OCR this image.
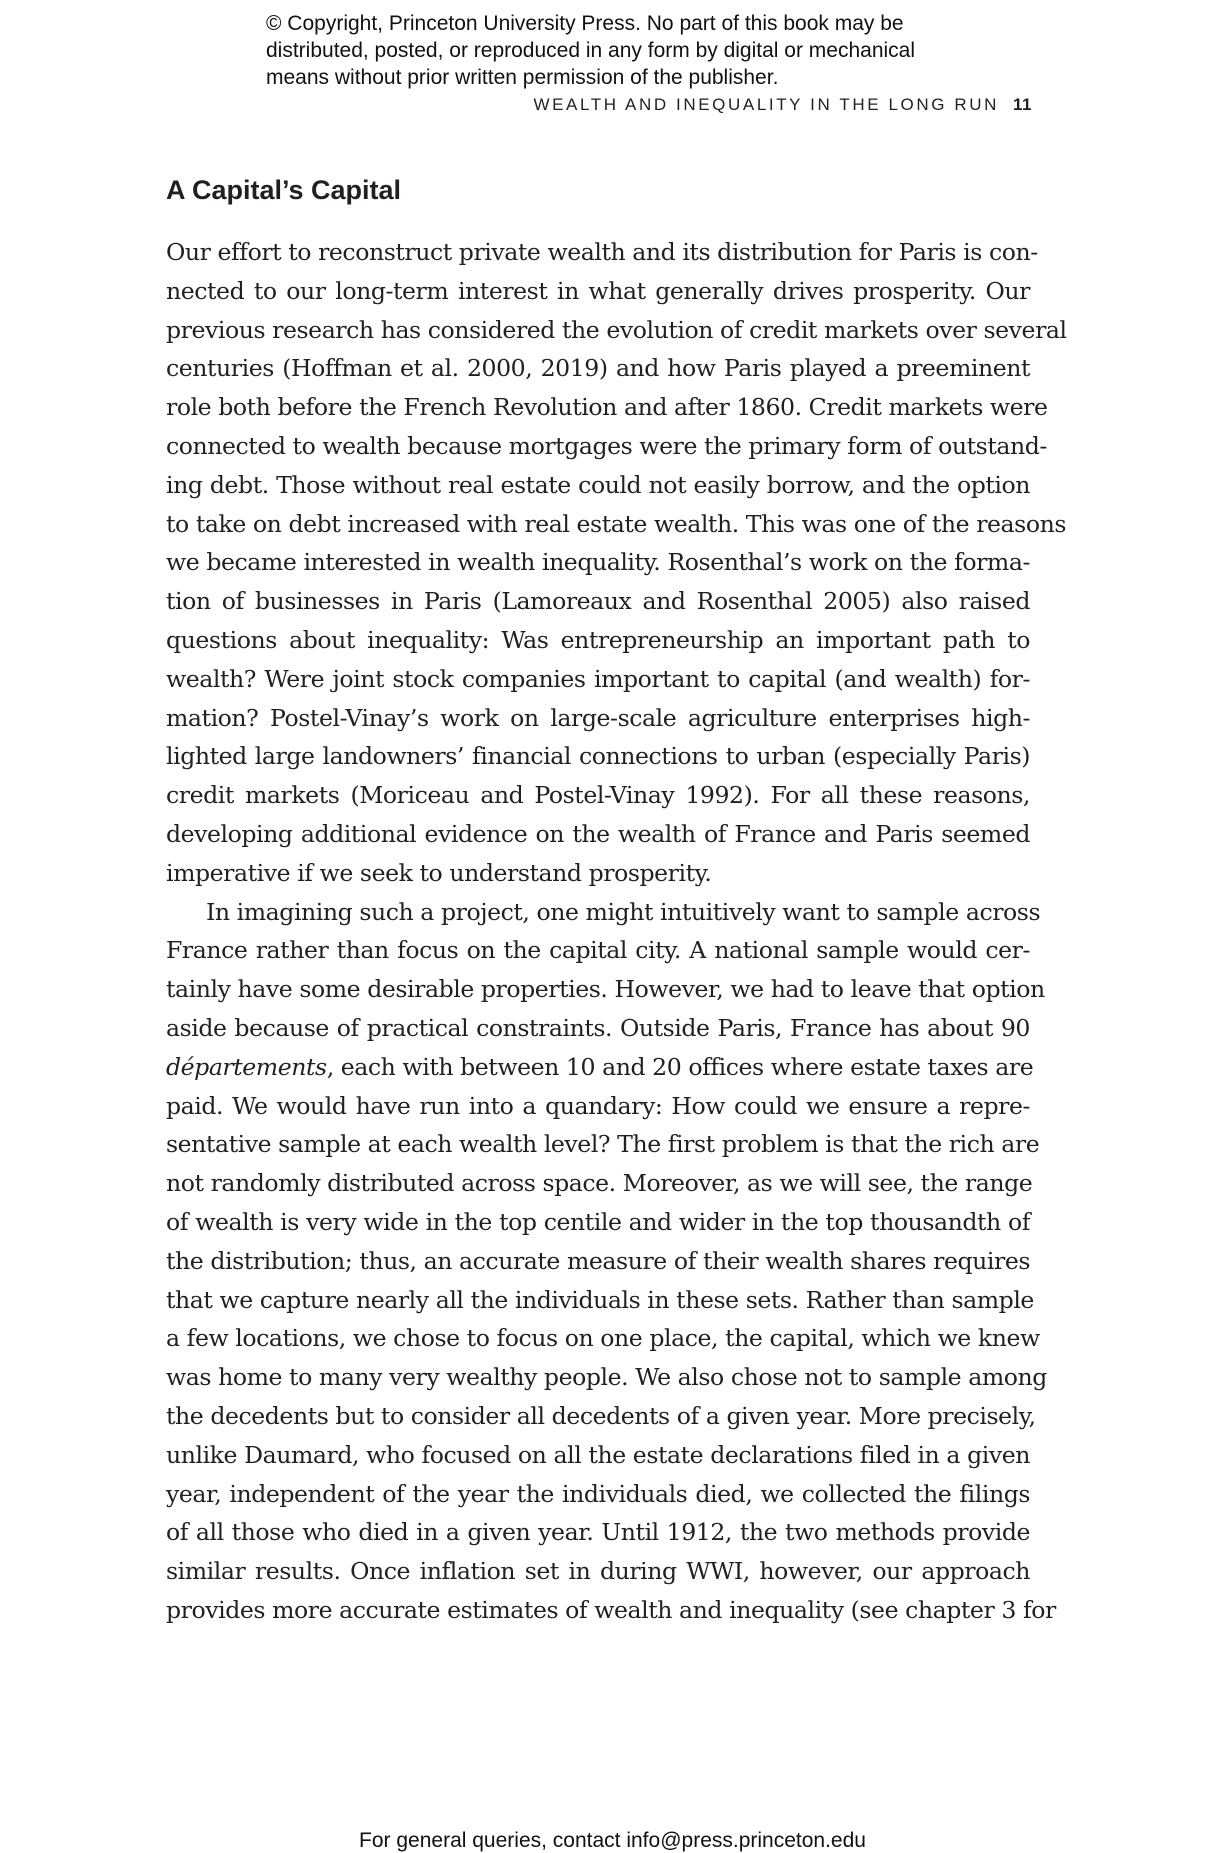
© Copyright, Princeton University Press. No part of this book may be
distributed, posted, or reproduced in any form by digital or mechanical
means without prior written permission of the publisher.
WEALTH AND INEQUALITY IN THE LONG RUN 11
A Capital’s Capital
Our effort to reconstruct private wealth and its distribution for Paris is con-
nected to our long-term interest in what generally drives prosperity. Our
previous research has considered the evolution of credit markets over several
centuries (Hoffman et al. 2000, 2019) and how Paris played a preeminent
role both before the French Revolution and after 1860. Credit markets were
connected to wealth because mortgages were the primary form of outstand-
ing debt. Those without real estate could not easily borrow, and the option
to take on debt increased with real estate wealth. This was one of the reasons
we became interested in wealth inequality. Rosenthal’s work on the forma-
tion of businesses in Paris (Lamoreaux and Rosenthal 2005) also raised
questions about inequality: Was entrepreneurship an important path to
wealth? Were joint stock companies important to capital (and wealth) for-
mation? Postel-Vinay’s work on large-scale agriculture enterprises high-
lighted large landowners’ financial connections to urban (especially Paris)
credit markets (Moriceau and Postel-Vinay 1992). For all these reasons,
developing additional evidence on the wealth of France and Paris seemed
imperative if we seek to understand prosperity.
In imagining such a project, one might intuitively want to sample across
France rather than focus on the capital city. A national sample would cer-
tainly have some desirable properties. However, we had to leave that option
aside because of practical constraints. Outside Paris, France has about 90
départements, each with between 10 and 20 offices where estate taxes are
paid. We would have run into a quandary: How could we ensure a repre-
sentative sample at each wealth level? The first problem is that the rich are
not randomly distributed across space. Moreover, as we will see, the range
of wealth is very wide in the top centile and wider in the top thousandth of
the distribution; thus, an accurate measure of their wealth shares requires
that we capture nearly all the individuals in these sets. Rather than sample
a few locations, we chose to focus on one place, the capital, which we knew
was home to many very wealthy people. We also chose not to sample among
the decedents but to consider all decedents of a given year. More precisely,
unlike Daumard, who focused on all the estate declarations filed in a given
year, independent of the year the individuals died, we collected the filings
of all those who died in a given year. Until 1912, the two methods provide
similar results. Once inflation set in during WWI, however, our approach
provides more accurate estimates of wealth and inequality (see chapter 3 for
For general queries, contact info@press.princeton.edu
